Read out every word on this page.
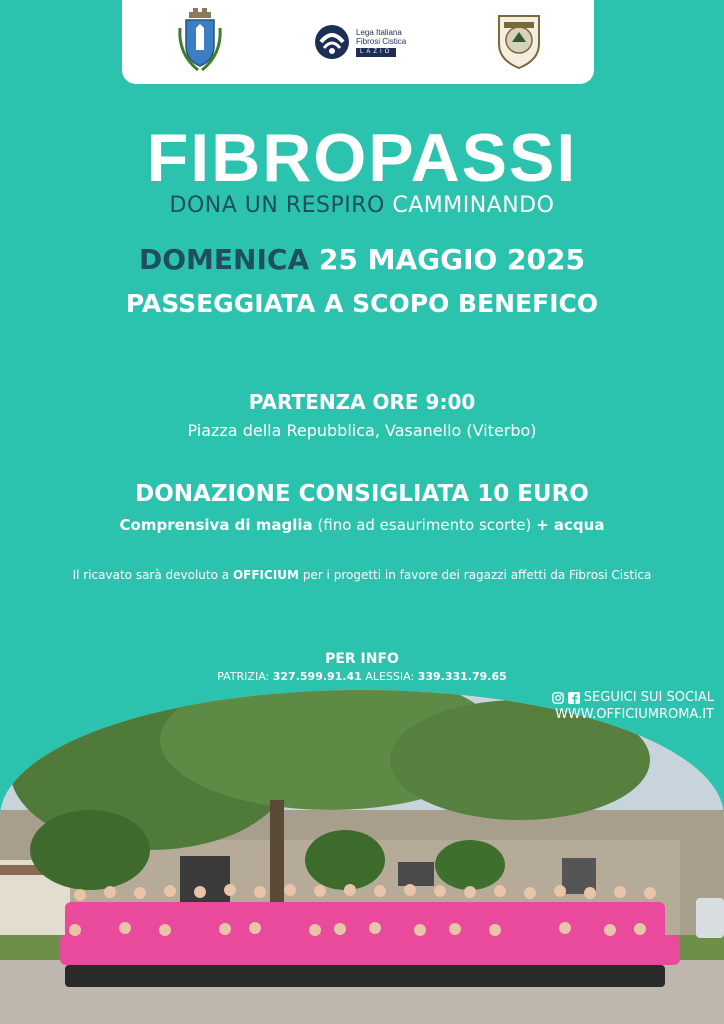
Lega Italiana
Fibrosi Cistica
LAZIO
FIBROPASSI
DONA UN RESPIRO CAMMINANDO
DOMENICA 25 MAGGIO 2025
PASSEGGIATA A SCOPO BENEFICO
PARTENZA ORE 9:00
Piazza della Repubblica, Vasanello (Viterbo)
DONAZIONE CONSIGLIATA 10 EURO
Comprensiva di maglia (fino ad esaurimento scorte) + acqua
Il ricavato sarà devoluto a OFFICIUM per i progetti in favore dei ragazzi affetti da Fibrosi Cistica
PER INFO
PATRIZIA: 327.599.91.41 ALESSIA: 339.331.79.65
SEGUICI SUI SOCIAL
WWW.OFFICIUMROMA.IT
